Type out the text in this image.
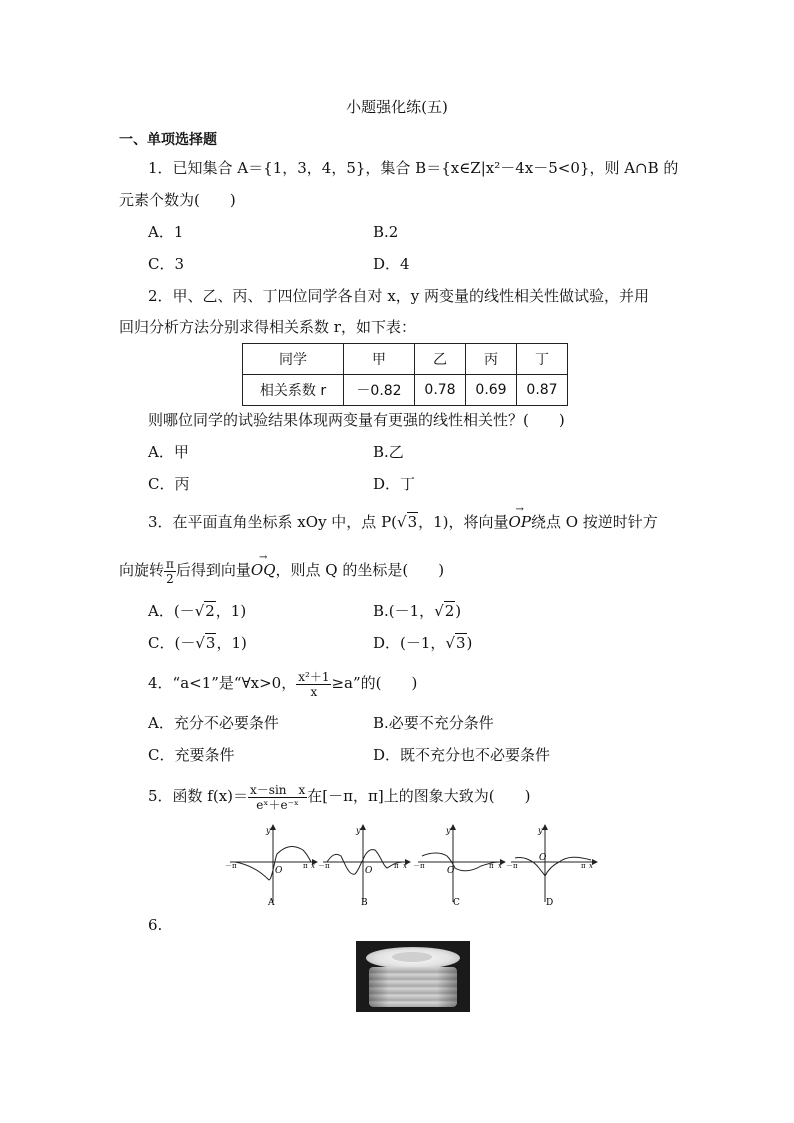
小题强化练(五)
一、单项选择题
1．已知集合 A＝{1，3，4，5}，集合 B＝{x∈Z|x²－4x－5<0}，则 A∩B 的
元素个数为(　　)
A．1	B.2
C．3	D．4
2．甲、乙、丙、丁四位同学各自对 x，y 两变量的线性相关性做试验，并用
回归分析方法分别求得相关系数 r，如下表：
同学	甲	乙	丙	丁
相关系数 r	－0.82	0.78	0.69	0.87
则哪位同学的试验结果体现两变量有更强的线性相关性？(　　)
A．甲	B.乙
C．丙	D．丁
3．在平面直角坐标系 xOy 中，点 P(√3，1)，将向量→ OP绕点 O 按逆时针方
向旋转 $\frac{\pi}{2}$ 后得到向量→ OQ，则点 Q 的坐标是(　　)
A．(－√2，1)	B.(－1，√2)
C．(－√3，1)	D．(－1，√3)
4．“a<1”是“∀x>0， $\frac{\text{x²＋1}}{x} \ge a$”的(　　)
A．充分不必要条件	B.必要不充分条件
C．充要条件	D．既不充分也不必要条件
5．函数 $f(x)= \frac{\text{x－sin　x}}{\text{eˣ＋e⁻ˣ}}$ 在[－π，π]上的图象大致为(　　)
y
O
－π	π x
A
y
O
－π	π x
B
y
O
－π	π x
C
y
O
－π	π x
D
6.
